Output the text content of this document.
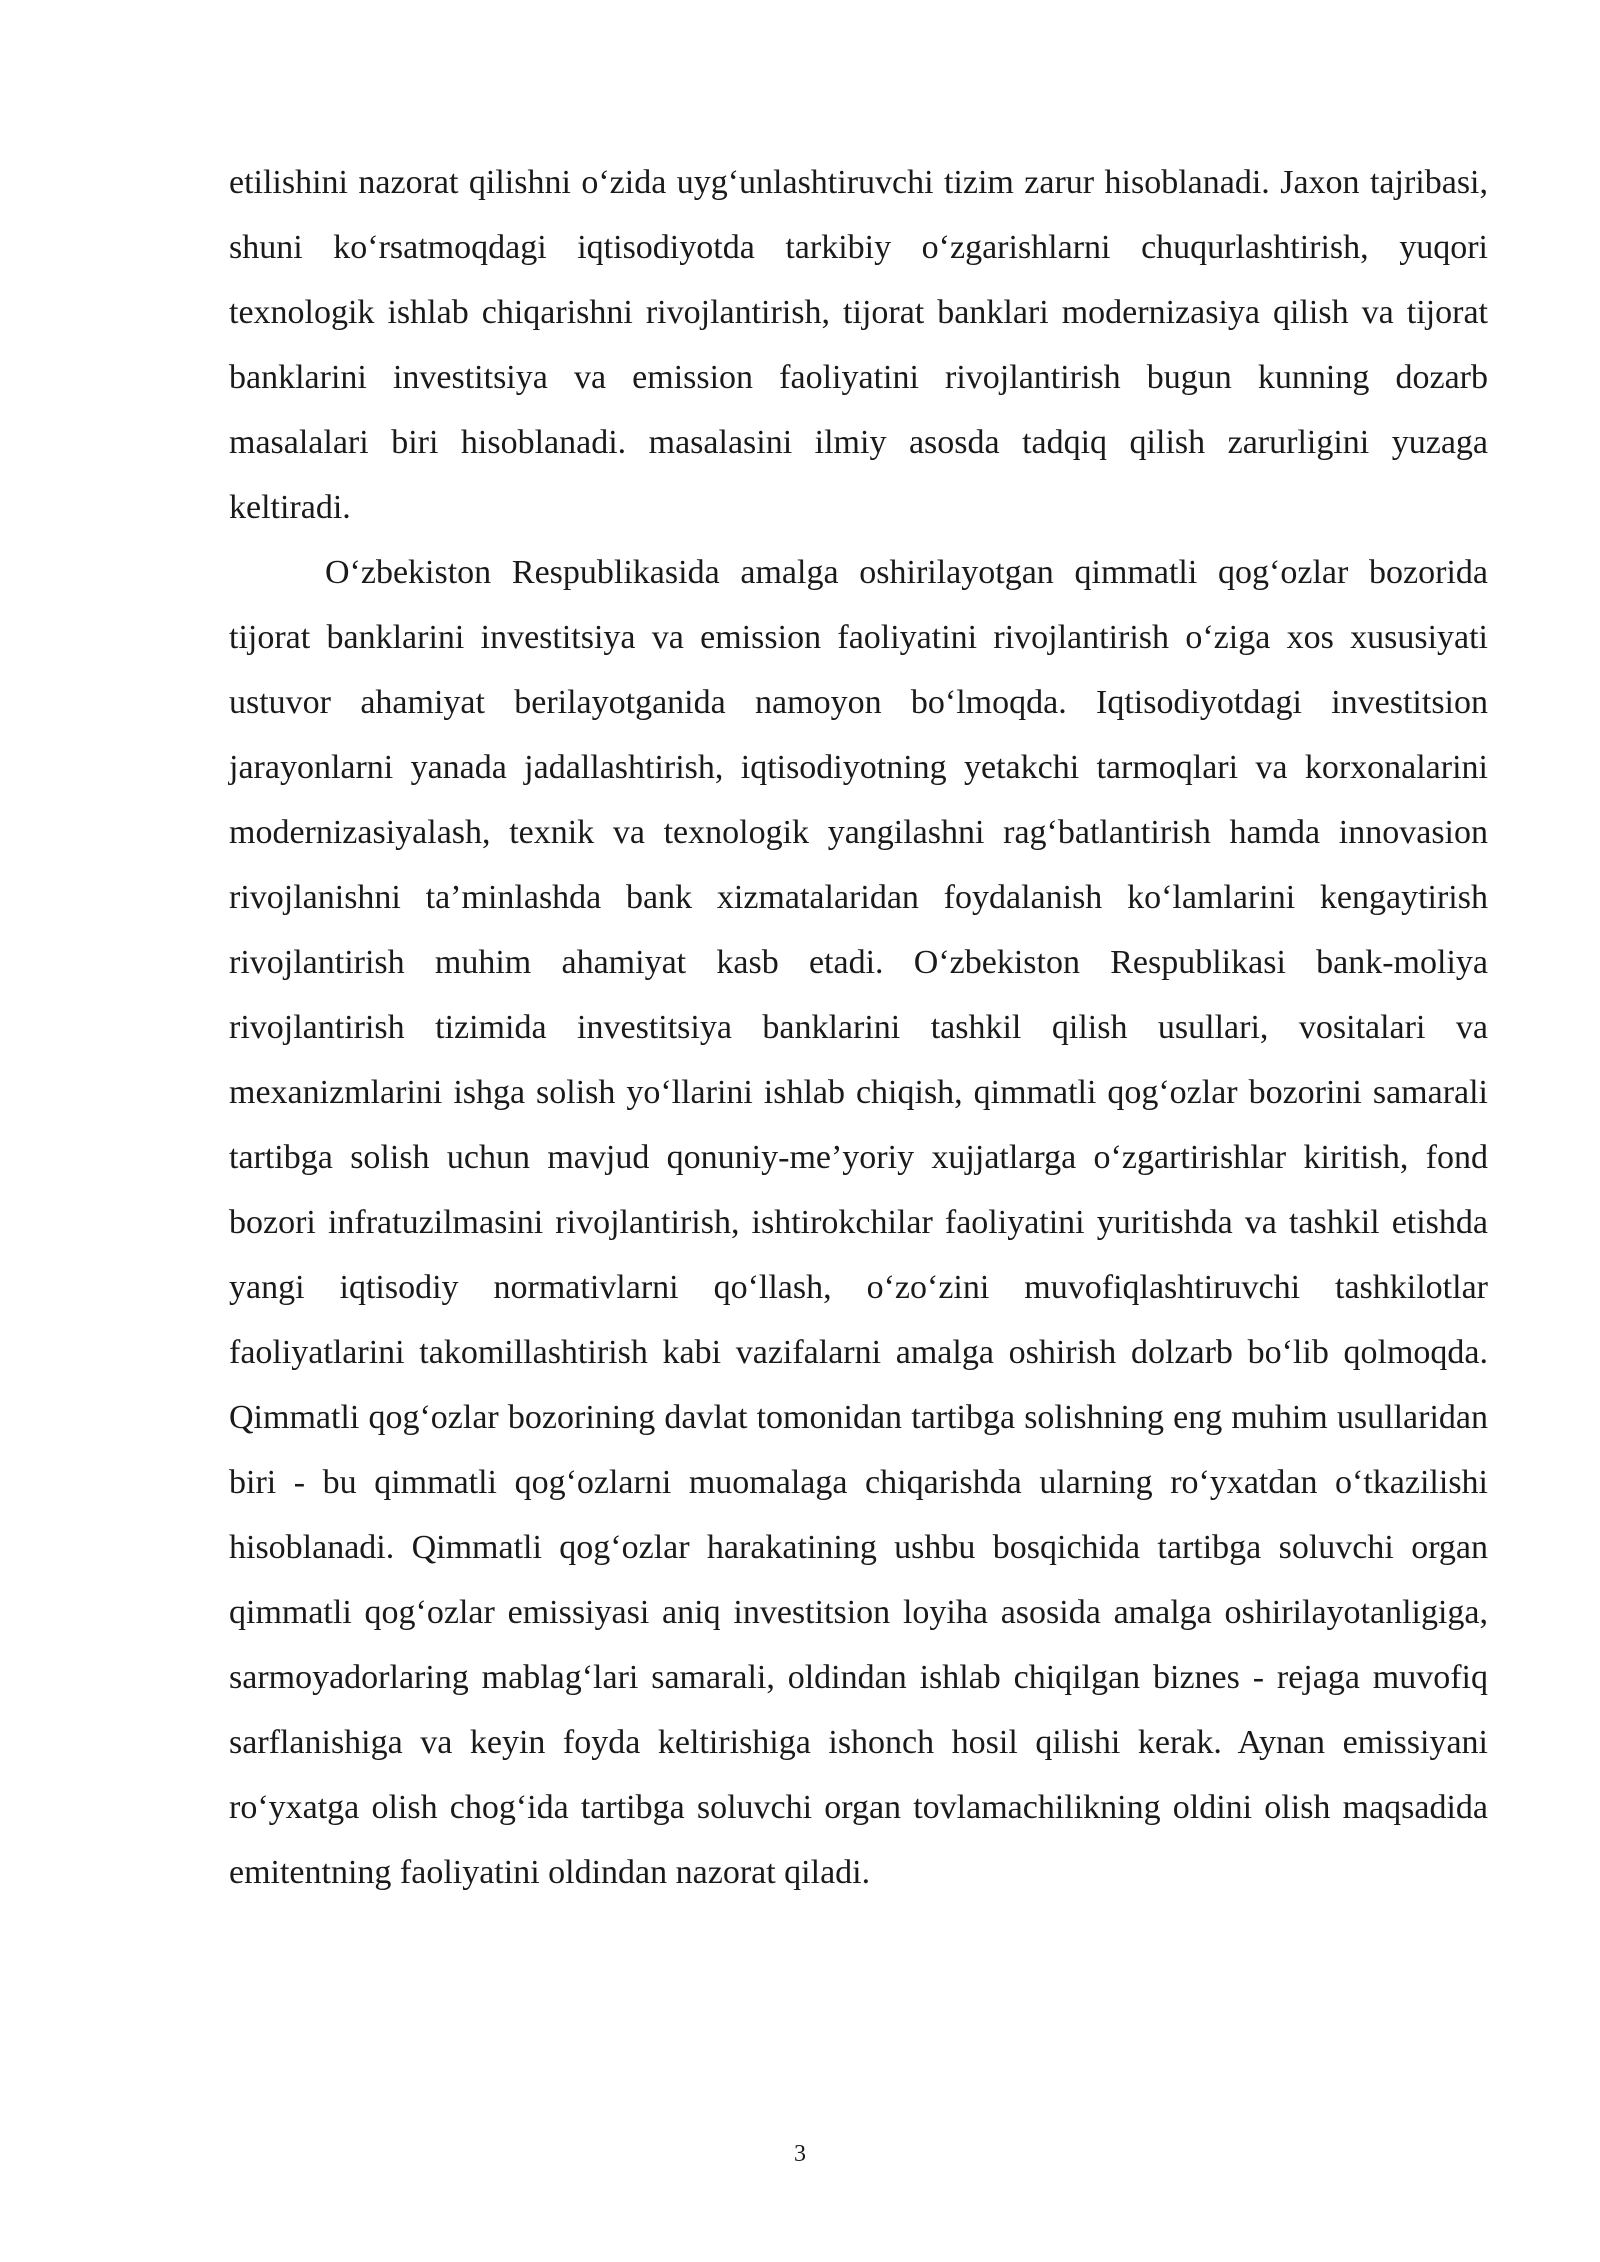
etilishini nazorat qilishni o‘zida uyg‘unlashtiruvchi tizim zarur hisoblanadi. Jaxon tajribasi, shuni ko‘rsatmoqdagi iqtisodiyotda tarkibiy o‘zgarishlarni chuqurlashtirish, yuqori texnologik ishlab chiqarishni rivojlantirish, tijorat banklari modernizasiya qilish va tijorat banklarini investitsiya va emission faoliyatini rivojlantirish bugun kunning dozarb masalalari biri hisoblanadi. masalasini ilmiy asosda tadqiq qilish zarurligini yuzaga keltiradi.

O‘zbekiston Respublikasida amalga oshirilayotgan qimmatli qog‘ozlar bozorida tijorat banklarini investitsiya va emission faoliyatini rivojlantirish o‘ziga xos xususiyati ustuvor ahamiyat berilayotganida namoyon bo‘lmoqda. Iqtisodiyotdagi investitsion jarayonlarni yanada jadallashtirish, iqtisodiyotning yetakchi tarmoqlari va korxonalarini modernizasiyalash, texnik va texnologik yangilashni rag‘batlantirish hamda innovasion rivojlanishni ta’minlashda bank xizmatalaridan foydalanish ko‘lamlarini kengaytirish rivojlantirish muhim ahamiyat kasb etadi. O‘zbekiston Respublikasi bank-moliya rivojlantirish tizimida investitsiya banklarini tashkil qilish usullari, vositalari va mexanizmlarini ishga solish yo‘llarini ishlab chiqish, qimmatli qog‘ozlar bozorini samarali tartibga solish uchun mavjud qonuniy-me’yoriy xujjatlarga o‘zgartirishlar kiritish, fond bozori infratuzilmasini rivojlantirish, ishtirokchilar faoliyatini yuritishda va tashkil etishda yangi iqtisodiy normativlarni qo‘llash, o‘zo‘zini muvofiqlashtiruvchi tashkilotlar faoliyatlarini takomillashtirish kabi vazifalarni amalga oshirish dolzarb bo‘lib qolmoqda. Qimmatli qog‘ozlar bozorining davlat tomonidan tartibga solishning eng muhim usullaridan biri - bu qimmatli qog‘ozlarni muomalaga chiqarishda ularning ro‘yxatdan o‘tkazilishi hisoblanadi. Qimmatli qog‘ozlar harakatining ushbu bosqichida tartibga soluvchi organ qimmatli qog‘ozlar emissiyasi aniq investitsion loyiha asosida amalga oshirilayotanligiga, sarmoyadorlaring mablag‘lari samarali, oldindan ishlab chiqilgan biznes - rejaga muvofiq sarflanishiga va keyin foyda keltirishiga ishonch hosil qilishi kerak. Aynan emissiyani ro‘yxatga olish chog‘ida tartibga soluvchi organ tovlamachilikning oldini olish maqsadida emitentning faoliyatini oldindan nazorat qiladi.

3
